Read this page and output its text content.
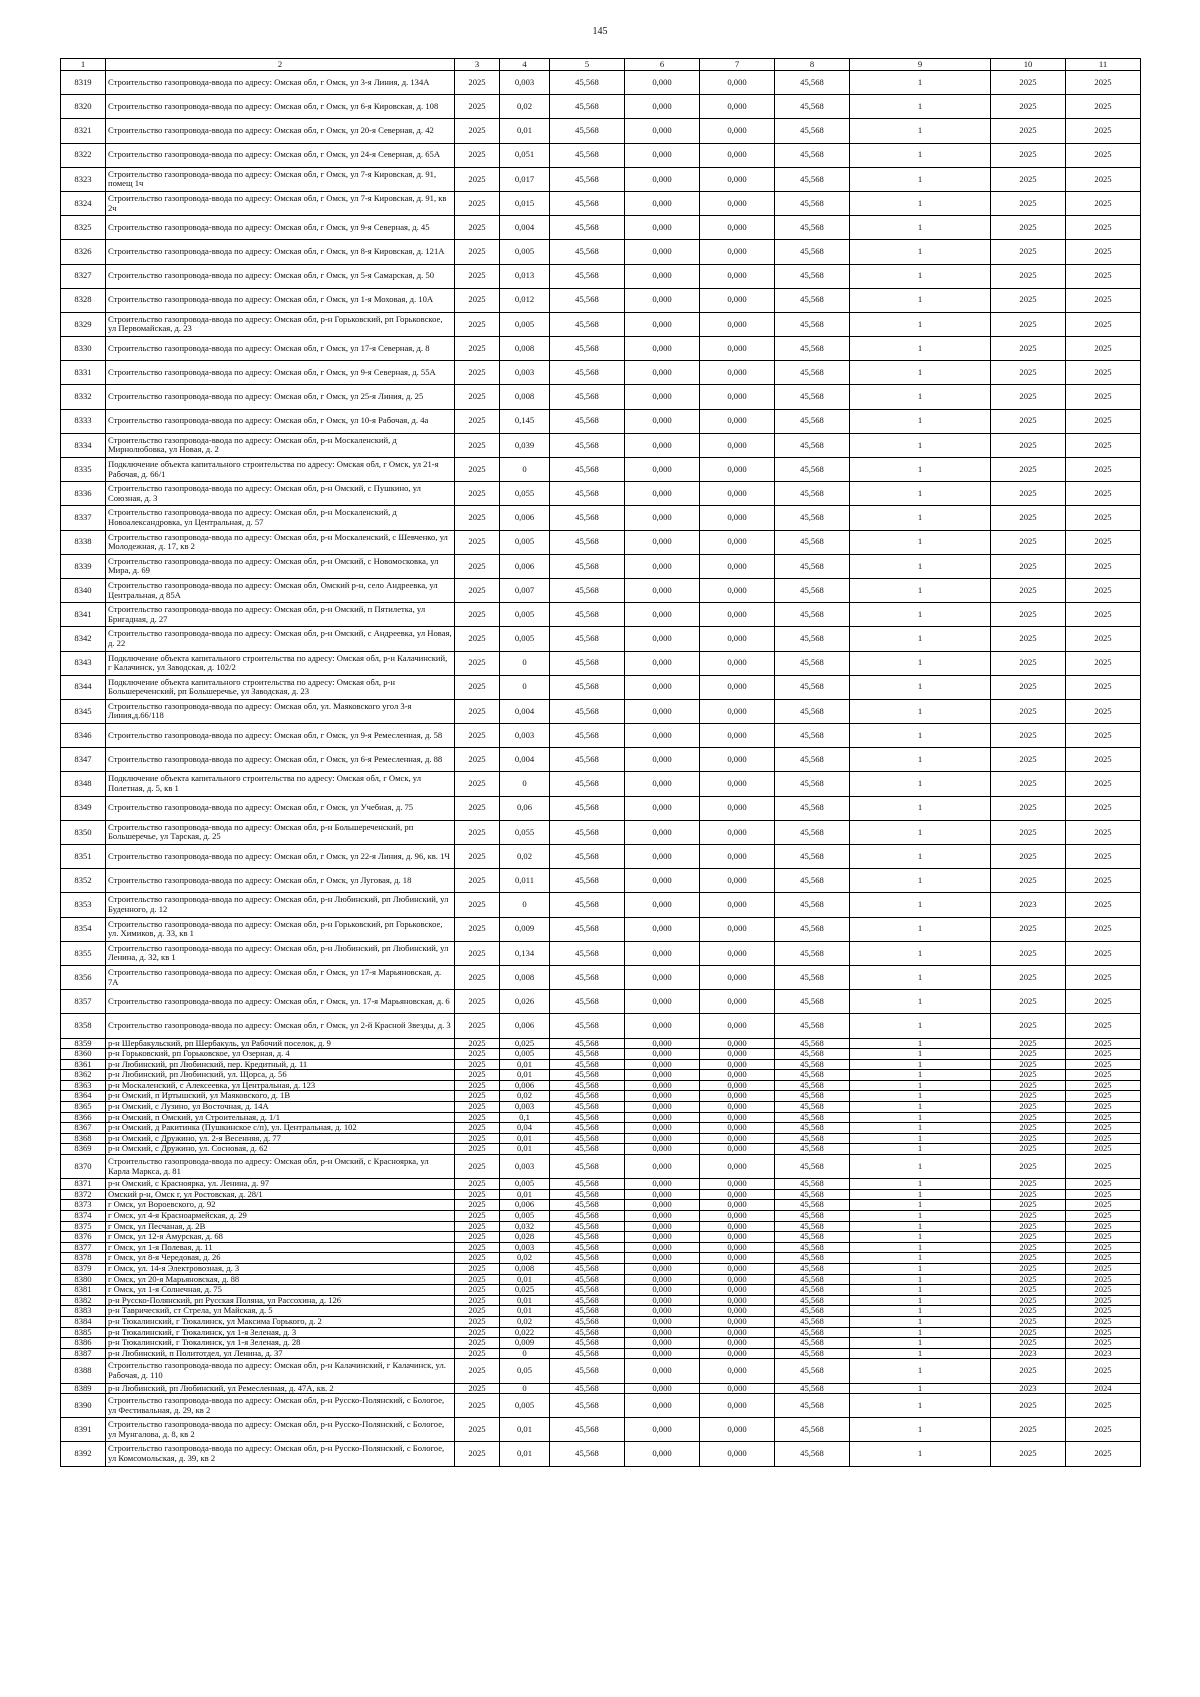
145
1	2	3	4	5	6	7	8	9	10	11
8319	Строительство газопровода-ввода по адресу: Омская обл, г Омск, ул 3-я Линия, д. 134А	2025	0,003	45,568	0,000	0,000	45,568	1	2025	2025
8320	Строительство газопровода-ввода по адресу: Омская обл, г Омск, ул 6-я Кировская, д. 108	2025	0,02	45,568	0,000	0,000	45,568	1	2025	2025
8321	Строительство газопровода-ввода по адресу: Омская обл, г Омск, ул 20-я Северная, д. 42	2025	0,01	45,568	0,000	0,000	45,568	1	2025	2025
8322	Строительство газопровода-ввода по адресу: Омская обл, г Омск, ул 24-я Северная, д. 65А	2025	0,051	45,568	0,000	0,000	45,568	1	2025	2025
8323	Строительство газопровода-ввода по адресу: Омская обл, г Омск, ул 7-я Кировская, д. 91, помещ 1ч	2025	0,017	45,568	0,000	0,000	45,568	1	2025	2025
8324	Строительство газопровода-ввода по адресу: Омская обл, г Омск, ул 7-я Кировская, д. 91, кв 2ч	2025	0,015	45,568	0,000	0,000	45,568	1	2025	2025
8325	Строительство газопровода-ввода по адресу: Омская обл, г Омск, ул 9-я Северная, д. 45	2025	0,004	45,568	0,000	0,000	45,568	1	2025	2025
8326	Строительство газопровода-ввода по адресу: Омская обл, г Омск, ул 8-я Кировская, д. 121А	2025	0,005	45,568	0,000	0,000	45,568	1	2025	2025
8327	Строительство газопровода-ввода по адресу: Омская обл, г Омск, ул 5-я Самарская, д. 50	2025	0,013	45,568	0,000	0,000	45,568	1	2025	2025
8328	Строительство газопровода-ввода по адресу: Омская обл, г Омск, ул 1-я Моховая, д. 10А	2025	0,012	45,568	0,000	0,000	45,568	1	2025	2025
8329	Строительство газопровода-ввода по адресу: Омская обл, р-н Горьковский, рп Горьковское, ул Первомайская, д. 23	2025	0,005	45,568	0,000	0,000	45,568	1	2025	2025
8330	Строительство газопровода-ввода по адресу: Омская обл, г Омск, ул 17-я Северная, д. 8	2025	0,008	45,568	0,000	0,000	45,568	1	2025	2025
8331	Строительство газопровода-ввода по адресу: Омская обл, г Омск, ул 9-я Северная, д. 55А	2025	0,003	45,568	0,000	0,000	45,568	1	2025	2025
8332	Строительство газопровода-ввода по адресу: Омская обл, г Омск, ул 25-я Линия, д. 25	2025	0,008	45,568	0,000	0,000	45,568	1	2025	2025
8333	Строительство газопровода-ввода по адресу: Омская обл, г Омск, ул 10-я Рабочая, д. 4а	2025	0,145	45,568	0,000	0,000	45,568	1	2025	2025
8334	Строительство газопровода-ввода по адресу: Омская обл, р-н Москаленский, д Мирнолюбовка, ул Новая, д. 2	2025	0,039	45,568	0,000	0,000	45,568	1	2025	2025
8335	Подключение объекта капитального строительства по адресу: Омская обл, г Омск, ул 21-я Рабочая, д. 66/1	2025	0	45,568	0,000	0,000	45,568	1	2025	2025
8336	Строительство газопровода-ввода по адресу: Омская обл, р-н Омский, с Пушкино, ул Союзная, д. 3	2025	0,055	45,568	0,000	0,000	45,568	1	2025	2025
8337	Строительство газопровода-ввода по адресу: Омская обл, р-н Москаленский, д Новоалександровка, ул Центральная, д. 57	2025	0,006	45,568	0,000	0,000	45,568	1	2025	2025
8338	Строительство газопровода-ввода по адресу: Омская обл, р-н Москаленский, с Шевченко, ул Молодежная, д. 17, кв 2	2025	0,005	45,568	0,000	0,000	45,568	1	2025	2025
8339	Строительство газопровода-ввода по адресу: Омская обл, р-н Омский, с Новомосковка, ул Мира, д. 69	2025	0,006	45,568	0,000	0,000	45,568	1	2025	2025
8340	Строительство газопровода-ввода по адресу: Омская обл, Омский р-н, село Андреевка, ул Центральная, д 85А	2025	0,007	45,568	0,000	0,000	45,568	1	2025	2025
8341	Строительство газопровода-ввода по адресу: Омская обл, р-н Омский, п Пятилетка, ул Бригадная, д. 27	2025	0,005	45,568	0,000	0,000	45,568	1	2025	2025
8342	Строительство газопровода-ввода по адресу: Омская обл, р-н Омский, с Андреевка, ул Новая, д. 22	2025	0,005	45,568	0,000	0,000	45,568	1	2025	2025
8343	Подключение объекта капитального строительства по адресу: Омская обл, р-н Калачинский, г Калачинск, ул Заводская, д. 102/2	2025	0	45,568	0,000	0,000	45,568	1	2025	2025
8344	Подключение объекта капитального строительства по адресу: Омская обл, р-н Большереченский, рп Большеречье, ул Заводская, д. 23	2025	0	45,568	0,000	0,000	45,568	1	2025	2025
8345	Строительство газопровода-ввода по адресу: Омская обл, ул. Маяковского угол 3-я Линия,д.66/118	2025	0,004	45,568	0,000	0,000	45,568	1	2025	2025
8346	Строительство газопровода-ввода по адресу: Омская обл, г Омск, ул 9-я Ремесленная, д. 58	2025	0,003	45,568	0,000	0,000	45,568	1	2025	2025
8347	Строительство газопровода-ввода по адресу: Омская обл, г Омск, ул 6-я Ремесленная, д. 88	2025	0,004	45,568	0,000	0,000	45,568	1	2025	2025
8348	Подключение объекта капитального строительства по адресу: Омская обл, г Омск, ул Полетная, д. 5, кв 1	2025	0	45,568	0,000	0,000	45,568	1	2025	2025
8349	Строительство газопровода-ввода по адресу: Омская обл, г Омск, ул Учебная, д. 75	2025	0,06	45,568	0,000	0,000	45,568	1	2025	2025
8350	Строительство газопровода-ввода по адресу: Омская обл, р-н Большереченский, рп Большеречье, ул Тарская, д. 25	2025	0,055	45,568	0,000	0,000	45,568	1	2025	2025
8351	Строительство газопровода-ввода по адресу: Омская обл, г Омск, ул 22-я Линия, д. 96, кв. 1Ч	2025	0,02	45,568	0,000	0,000	45,568	1	2025	2025
8352	Строительство газопровода-ввода по адресу: Омская обл, г Омск, ул Луговая, д. 18	2025	0,011	45,568	0,000	0,000	45,568	1	2025	2025
8353	Строительство газопровода-ввода по адресу: Омская обл, р-н Любинский, рп Любинский, ул Буденного, д. 12	2025	0	45,568	0,000	0,000	45,568	1	2023	2025
8354	Строительство газопровода-ввода по адресу: Омская обл, р-н Горьковский, рп Горьковское, ул. Химиков, д. 33, кв 1	2025	0,009	45,568	0,000	0,000	45,568	1	2025	2025
8355	Строительство газопровода-ввода по адресу: Омская обл, р-н Любинский, рп Любинский, ул Ленина, д. 32, кв 1	2025	0,134	45,568	0,000	0,000	45,568	1	2025	2025
8356	Строительство газопровода-ввода по адресу: Омская обл, г Омск, ул 17-я Марьяновская, д. 7А	2025	0,008	45,568	0,000	0,000	45,568	1	2025	2025
8357	Строительство газопровода-ввода по адресу: Омская обл, г Омск, ул. 17-я Марьяновская, д. 6	2025	0,026	45,568	0,000	0,000	45,568	1	2025	2025
8358	Строительство газопровода-ввода по адресу: Омская обл, г Омск, ул 2-й Красной Звезды, д. 3	2025	0,006	45,568	0,000	0,000	45,568	1	2025	2025
8359	р-н Шербакульский, рп Шербакуль, ул Рабочий поселок, д. 9	2025	0,025	45,568	0,000	0,000	45,568	1	2025	2025
8360	р-н Горьковский, рп Горьковское, ул Озерная, д. 4	2025	0,005	45,568	0,000	0,000	45,568	1	2025	2025
8361	р-н Любинский, рп Любинский, пер. Кредитный, д. 11	2025	0,01	45,568	0,000	0,000	45,568	1	2025	2025
8362	р-н Любинский, рп Любинский, ул. Щорса, д. 56	2025	0,01	45,568	0,000	0,000	45,568	1	2025	2025
8363	р-н Москаленский, с Алексеевка, ул Центральная, д. 123	2025	0,006	45,568	0,000	0,000	45,568	1	2025	2025
8364	р-н Омский, п Иртышский, ул Маяковского, д. 1В	2025	0,02	45,568	0,000	0,000	45,568	1	2025	2025
8365	р-н Омский, с Лузино, ул Восточная, д. 14А	2025	0,003	45,568	0,000	0,000	45,568	1	2025	2025
8366	р-н Омский, п Омский, ул Строительная, д. 1/1	2025	0,1	45,568	0,000	0,000	45,568	1	2025	2025
8367	р-н Омский, д Ракитинка (Пушкинское с/п), ул. Центральная, д. 102	2025	0,04	45,568	0,000	0,000	45,568	1	2025	2025
8368	р-н Омский, с Дружино, ул. 2-я Весенняя, д. 77	2025	0,01	45,568	0,000	0,000	45,568	1	2025	2025
8369	р-н Омский, с Дружино, ул. Сосновая, д. 62	2025	0,01	45,568	0,000	0,000	45,568	1	2025	2025
8370	Строительство газопровода-ввода по адресу: Омская обл, р-н Омский, с Красноярка, ул Карла Маркса, д. 81	2025	0,003	45,568	0,000	0,000	45,568	1	2025	2025
8371	р-н Омский, с Красноярка, ул. Ленина, д. 97	2025	0,005	45,568	0,000	0,000	45,568	1	2025	2025
8372	Омский р-н, Омск г, ул Ростовская, д. 28/1	2025	0,01	45,568	0,000	0,000	45,568	1	2025	2025
8373	г Омск, ул Вороевского, д. 92	2025	0,006	45,568	0,000	0,000	45,568	1	2025	2025
8374	г Омск, ул 4-я Красноармейская, д. 29	2025	0,005	45,568	0,000	0,000	45,568	1	2025	2025
8375	г Омск, ул Песчаная, д. 2В	2025	0,032	45,568	0,000	0,000	45,568	1	2025	2025
8376	г Омск, ул 12-я Амурская, д. 68	2025	0,028	45,568	0,000	0,000	45,568	1	2025	2025
8377	г Омск, ул 1-я Полевая, д. 11	2025	0,003	45,568	0,000	0,000	45,568	1	2025	2025
8378	г Омск, ул 8-я Чередовая, д. 26	2025	0,02	45,568	0,000	0,000	45,568	1	2025	2025
8379	г Омск, ул. 14-я Электровозная, д. 3	2025	0,008	45,568	0,000	0,000	45,568	1	2025	2025
8380	г Омск, ул 20-я Марьяновская, д. 88	2025	0,01	45,568	0,000	0,000	45,568	1	2025	2025
8381	г Омск, ул 1-я Солнечная, д. 75	2025	0,025	45,568	0,000	0,000	45,568	1	2025	2025
8382	р-н Русско-Полянский, рп Русская Поляна, ул Рассохина, д. 126	2025	0,01	45,568	0,000	0,000	45,568	1	2025	2025
8383	р-н Таврический, ст Стрела, ул Майская, д. 5	2025	0,01	45,568	0,000	0,000	45,568	1	2025	2025
8384	р-н Тюкалинский, г Тюкалинск, ул Максима Горького, д. 2	2025	0,02	45,568	0,000	0,000	45,568	1	2025	2025
8385	р-н Тюкалинский, г Тюкалинск, ул 1-я Зеленая, д. 3	2025	0,022	45,568	0,000	0,000	45,568	1	2025	2025
8386	р-н Тюкалинский, г Тюкалинск, ул 1-я Зеленая, д. 28	2025	0,009	45,568	0,000	0,000	45,568	1	2025	2025
8387	р-н Любинский, п Политотдел, ул Ленина, д. 37	2025	0	45,568	0,000	0,000	45,568	1	2023	2023
8388	Строительство газопровода-ввода по адресу: Омская обл, р-н Калачинский, г Калачинск, ул. Рабочая, д. 110	2025	0,05	45,568	0,000	0,000	45,568	1	2025	2025
8389	р-н Любинский, рп Любинский, ул Ремесленная, д. 47А, кв. 2	2025	0	45,568	0,000	0,000	45,568	1	2023	2024
8390	Строительство газопровода-ввода по адресу: Омская обл, р-н Русско-Полянский, с Бологое, ул Фестивальная, д. 29, кв 2	2025	0,005	45,568	0,000	0,000	45,568	1	2025	2025
8391	Строительство газопровода-ввода по адресу: Омская обл, р-н Русско-Полянский, с Бологое, ул Мунгалова, д. 8, кв 2	2025	0,01	45,568	0,000	0,000	45,568	1	2025	2025
8392	Строительство газопровода-ввода по адресу: Омская обл, р-н Русско-Полянский, с Бологое, ул Комсомольская, д. 39, кв 2	2025	0,01	45,568	0,000	0,000	45,568	1	2025	2025
